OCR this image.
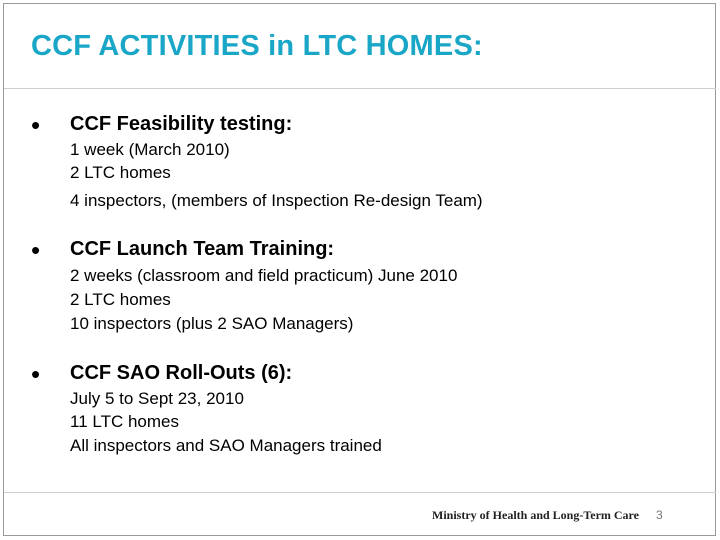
CCF ACTIVITIES in LTC HOMES:
• CCF Feasibility testing:
1 week (March 2010)
2 LTC homes
4 inspectors, (members of Inspection Re-design Team)
• CCF Launch Team Training:
2 weeks (classroom and field practicum) June 2010
2 LTC homes
10 inspectors (plus 2 SAO Managers)
• CCF SAO Roll-Outs (6):
July 5 to Sept 23, 2010
11 LTC homes
All inspectors and SAO Managers trained
Ministry of Health and Long-Term Care 3
